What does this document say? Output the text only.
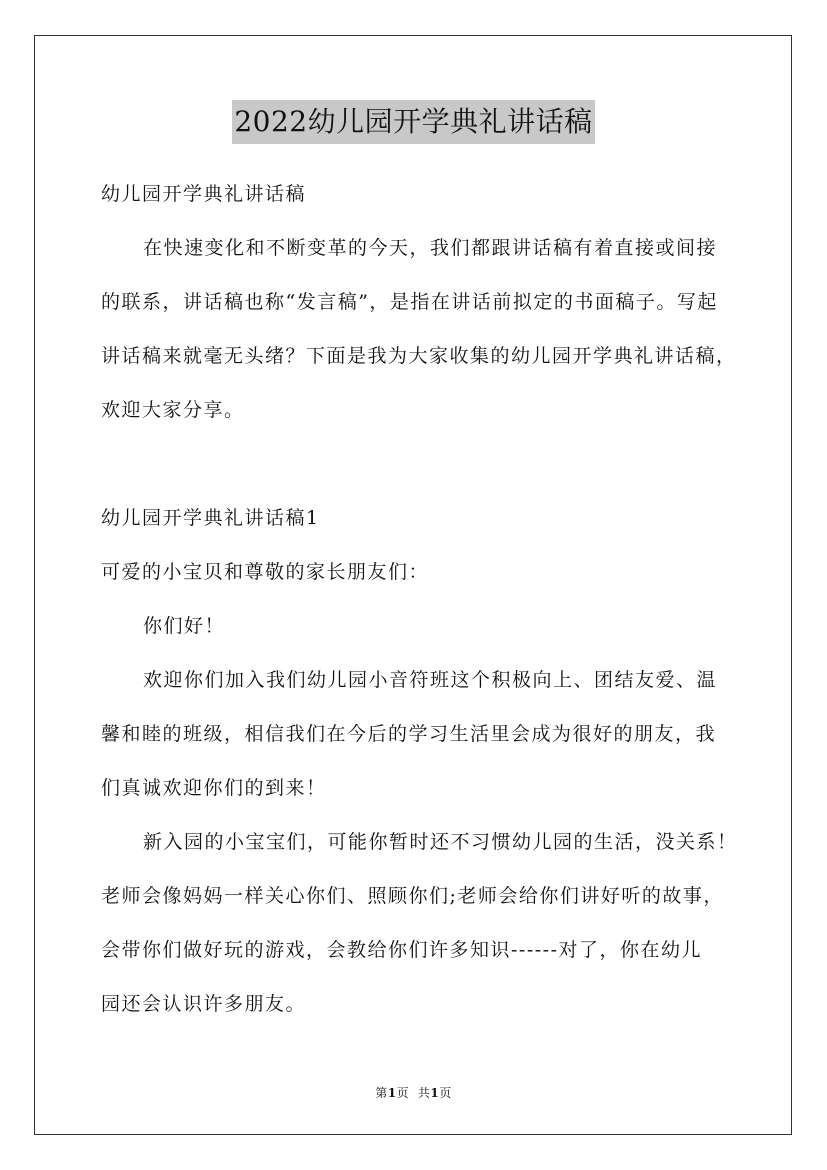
2022幼儿园开学典礼讲话稿
幼儿园开学典礼讲话稿
在快速变化和不断变革的今天，我们都跟讲话稿有着直接或间接
的联系，讲话稿也称“发言稿”，是指在讲话前拟定的书面稿子。写起
讲话稿来就毫无头绪？下面是我为大家收集的幼儿园开学典礼讲话稿，
欢迎大家分享。
幼儿园开学典礼讲话稿1
可爱的小宝贝和尊敬的家长朋友们：
你们好！
欢迎你们加入我们幼儿园小音符班这个积极向上、团结友爱、温
馨和睦的班级，相信我们在今后的学习生活里会成为很好的朋友，我
们真诚欢迎你们的到来！
新入园的小宝宝们，可能你暂时还不习惯幼儿园的生活，没关系！
老师会像妈妈一样关心你们、照顾你们;老师会给你们讲好听的故事，
会带你们做好玩的游戏，会教给你们许多知识------对了，你在幼儿
园还会认识许多朋友。
第1页 共1页
